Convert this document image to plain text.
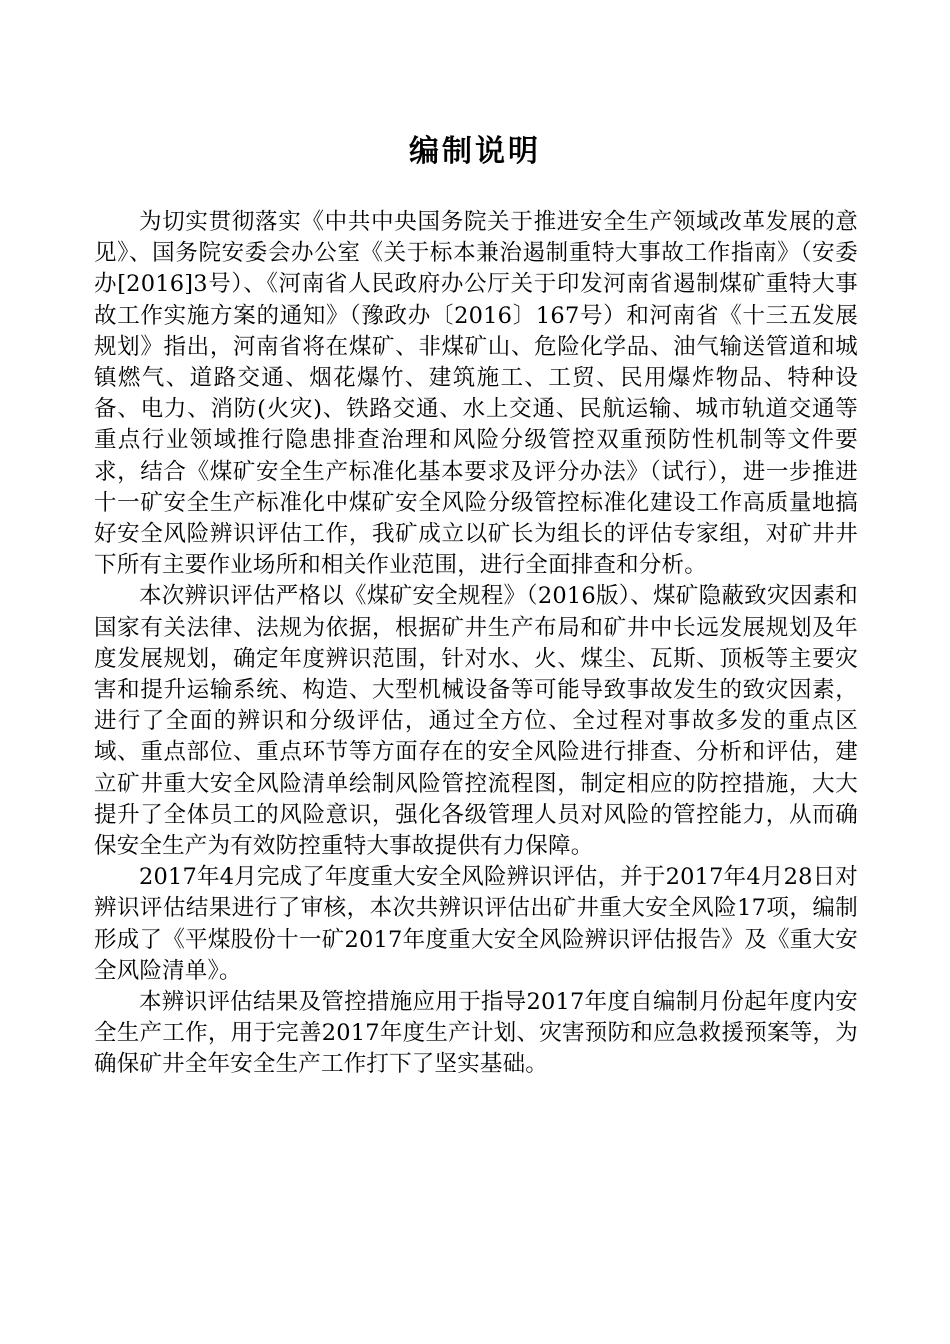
编制说明

为切实贯彻落实《中共中央国务院关于推进安全生产领域改革发展的意见》、国务院安委会办公室《关于标本兼治遏制重特大事故工作指南》（安委办[2016]3号）、《河南省人民政府办公厅关于印发河南省遏制煤矿重特大事故工作实施方案的通知》（豫政办〔2016〕167号）和河南省《十三五发展规划》指出，河南省将在煤矿、非煤矿山、危险化学品、油气输送管道和城镇燃气、道路交通、烟花爆竹、建筑施工、工贸、民用爆炸物品、特种设备、电力、消防(火灾)、铁路交通、水上交通、民航运输、城市轨道交通等重点行业领域推行隐患排查治理和风险分级管控双重预防性机制等文件要求，结合《煤矿安全生产标准化基本要求及评分办法》（试行），进一步推进十一矿安全生产标准化中煤矿安全风险分级管控标准化建设工作高质量地搞好安全风险辨识评估工作，我矿成立以矿长为组长的评估专家组，对矿井井下所有主要作业场所和相关作业范围，进行全面排查和分析。

本次辨识评估严格以《煤矿安全规程》（2016版）、煤矿隐蔽致灾因素和国家有关法律、法规为依据，根据矿井生产布局和矿井中长远发展规划及年度发展规划，确定年度辨识范围，针对水、火、煤尘、瓦斯、顶板等主要灾害和提升运输系统、构造、大型机械设备等可能导致事故发生的致灾因素，进行了全面的辨识和分级评估，通过全方位、全过程对事故多发的重点区域、重点部位、重点环节等方面存在的安全风险进行排查、分析和评估，建立矿井重大安全风险清单绘制风险管控流程图，制定相应的防控措施，大大提升了全体员工的风险意识，强化各级管理人员对风险的管控能力，从而确保安全生产为有效防控重特大事故提供有力保障。

2017年4月完成了年度重大安全风险辨识评估，并于2017年4月28日对辨识评估结果进行了审核，本次共辨识评估出矿井重大安全风险17项，编制形成了《平煤股份十一矿2017年度重大安全风险辨识评估报告》及《重大安全风险清单》。

本辨识评估结果及管控措施应用于指导2017年度自编制月份起年度内安全生产工作，用于完善2017年度生产计划、灾害预防和应急救援预案等，为确保矿井全年安全生产工作打下了坚实基础。
